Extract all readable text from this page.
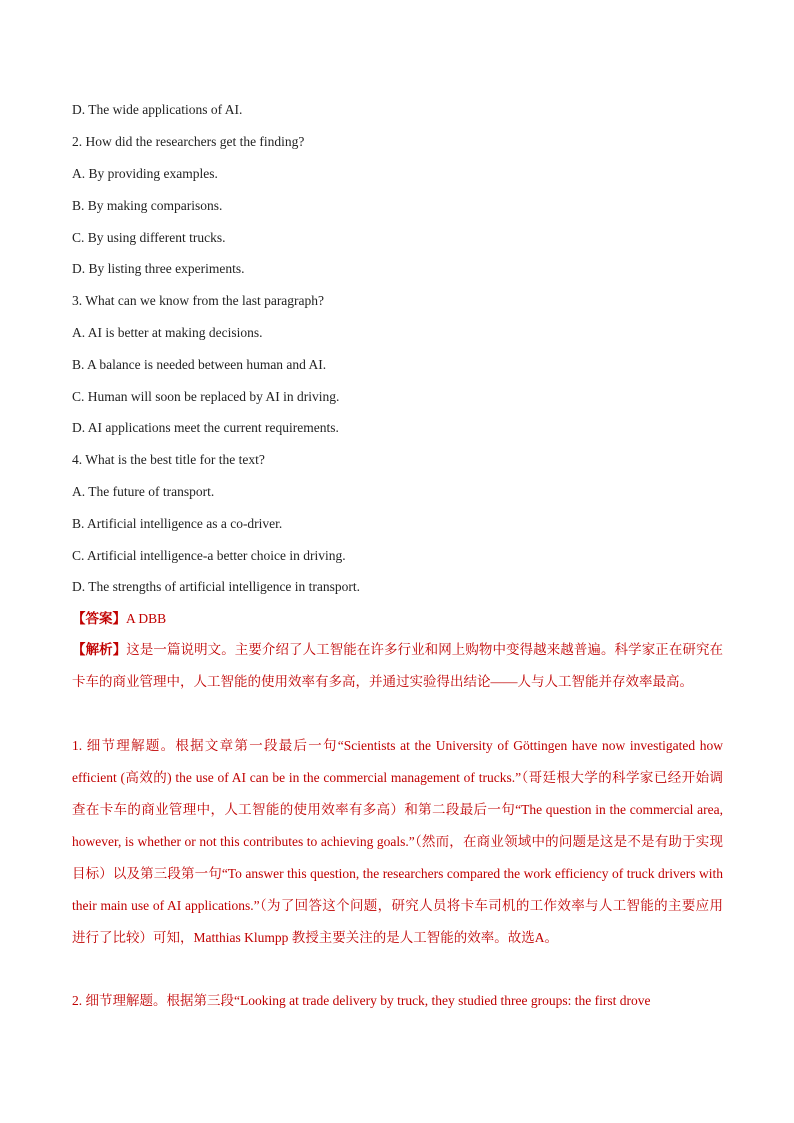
D. The wide applications of AI.
2. How did the researchers get the finding?
A. By providing examples.
B. By making comparisons.
C. By using different trucks.
D. By listing three experiments.
3. What can we know from the last paragraph?
A. AI is better at making decisions.
B. A balance is needed between human and AI.
C. Human will soon be replaced by AI in driving.
D. AI applications meet the current requirements.
4. What is the best title for the text?
A. The future of transport.
B. Artificial intelligence as a co-driver.
C. Artificial intelligence-a better choice in driving.
D. The strengths of artificial intelligence in transport.
【答案】A DBB
【解析】这是一篇说明文。主要介绍了人工智能在许多行业和网上购物中变得越来越普遍。科学家正在研究在卡车的商业管理中，人工智能的使用效率有多高，并通过实验得出结论——人与人工智能并存效率最高。
1. 细节理解题。根据文章第一段最后一句“Scientists at the University of Göttingen have now investigated how efficient (高效的) the use of AI can be in the commercial management of trucks.”（哥廷根大学的科学家已经开始调查在卡车的商业管理中，人工智能的使用效率有多高）和第二段最后一句“The question in the commercial area, however, is whether or not this contributes to achieving goals.”（然而，在商业领域中的问题是这是不是有助于实现目标）以及第三段第一句“To answer this question, the researchers compared the work efficiency of truck drivers with their main use of AI applications.”（为了回答这个问题，研究人员将卡车司机的工作效率与人工智能的主要应用进行了比较）可知，Matthias Klumpp 教授主要关注的是人工智能的效率。故选A。
2. 细节理解题。根据第三段“Looking at trade delivery by truck, they studied three groups: the first drove
